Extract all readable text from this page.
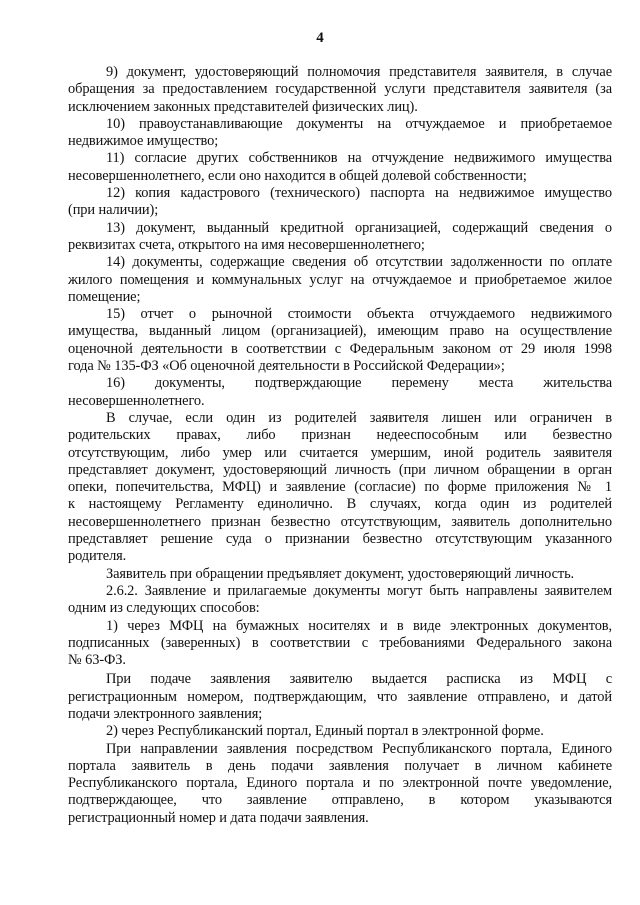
4
9) документ, удостоверяющий полномочия представителя заявителя, в случае
обращения за предоставлением государственной услуги представителя заявителя (за
исключением законных представителей физических лиц).
10) правоустанавливающие документы на отчуждаемое и приобретаемое
недвижимое имущество;
11) согласие других собственников на отчуждение недвижимого имущества
несовершеннолетнего, если оно находится в общей долевой собственности;
12) копия кадастрового (технического) паспорта на недвижимое имущество
(при наличии);
13) документ, выданный кредитной организацией, содержащий сведения о
реквизитах счета, открытого на имя несовершеннолетнего;
14) документы, содержащие сведения об отсутствии задолженности по оплате
жилого помещения и коммунальных услуг на отчуждаемое и приобретаемое жилое
помещение;
15) отчет о рыночной стоимости объекта отчуждаемого недвижимого
имущества, выданный лицом (организацией), имеющим право на осуществление
оценочной деятельности в соответствии с Федеральным законом от 29 июля 1998
года № 135-ФЗ «Об оценочной деятельности в Российской Федерации»;
16) документы, подтверждающие перемену места жительства
несовершеннолетнего.
В случае, если один из родителей заявителя лишен или ограничен в
родительских правах, либо признан недееспособным или безвестно
отсутствующим, либо умер или считается умершим, иной родитель заявителя
представляет документ, удостоверяющий личность (при личном обращении в орган
опеки, попечительства, МФЦ) и заявление (согласие) по форме приложения № 1
к настоящему Регламенту единолично. В случаях, когда один из родителей
несовершеннолетнего признан безвестно отсутствующим, заявитель дополнительно
представляет решение суда о признании безвестно отсутствующим указанного
родителя.
Заявитель при обращении предъявляет документ, удостоверяющий личность.
2.6.2. Заявление и прилагаемые документы могут быть направлены заявителем
одним из следующих способов:
1) через МФЦ на бумажных носителях и в виде электронных документов,
подписанных (заверенных) в соответствии с требованиями Федерального закона
№ 63-ФЗ.
При подаче заявления заявителю выдается расписка из МФЦ с
регистрационным номером, подтверждающим, что заявление отправлено, и датой
подачи электронного заявления;
2) через Республиканский портал, Единый портал в электронной форме.
При направлении заявления посредством Республиканского портала, Единого
портала заявитель в день подачи заявления получает в личном кабинете
Республиканского портала, Единого портала и по электронной почте уведомление,
подтверждающее, что заявление отправлено, в котором указываются
регистрационный номер и дата подачи заявления.
